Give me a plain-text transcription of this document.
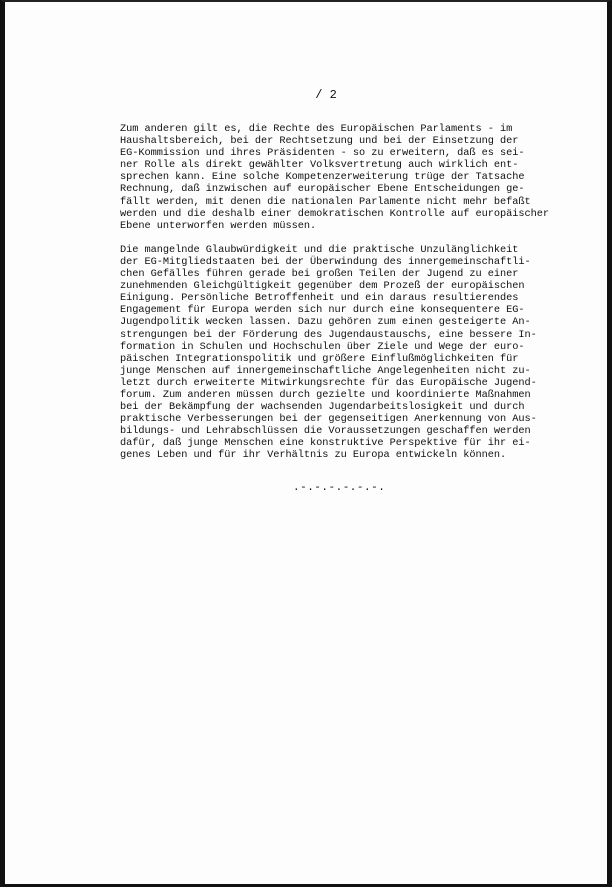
/ 2
Zum anderen gilt es, die Rechte des Europäischen Parlaments - im
Haushaltsbereich, bei der Rechtsetzung und bei der Einsetzung der
EG-Kommission und ihres Präsidenten - so zu erweitern, daß es sei-
ner Rolle als direkt gewählter Volksvertretung auch wirklich ent-
sprechen kann. Eine solche Kompetenzerweiterung trüge der Tatsache
Rechnung, daß inzwischen auf europäischer Ebene Entscheidungen ge-
fällt werden, mit denen die nationalen Parlamente nicht mehr befaßt
werden und die deshalb einer demokratischen Kontrolle auf europäischer
Ebene unterworfen werden müssen.
Die mangelnde Glaubwürdigkeit und die praktische Unzulänglichkeit
der EG-Mitgliedstaaten bei der Überwindung des innergemeinschaftli-
chen Gefälles führen gerade bei großen Teilen der Jugend zu einer
zunehmenden Gleichgültigkeit gegenüber dem Prozeß der europäischen
Einigung. Persönliche Betroffenheit und ein daraus resultierendes
Engagement für Europa werden sich nur durch eine konsequentere EG-
Jugendpolitik wecken lassen. Dazu gehören zum einen gesteigerte An-
strengungen bei der Förderung des Jugendaustauschs, eine bessere In-
formation in Schulen und Hochschulen über Ziele und Wege der euro-
päischen Integrationspolitik und größere Einflußmöglichkeiten für
junge Menschen auf innergemeinschaftliche Angelegenheiten nicht zu-
letzt durch erweiterte Mitwirkungsrechte für das Europäische Jugend-
forum. Zum anderen müssen durch gezielte und koordinierte Maßnahmen
bei der Bekämpfung der wachsenden Jugendarbeitslosigkeit und durch
praktische Verbesserungen bei der gegenseitigen Anerkennung von Aus-
bildungs- und Lehrabschlüssen die Voraussetzungen geschaffen werden
dafür, daß junge Menschen eine konstruktive Perspektive für ihr ei-
genes Leben und für ihr Verhältnis zu Europa entwickeln können.
.-.-.-.-.-.-.
